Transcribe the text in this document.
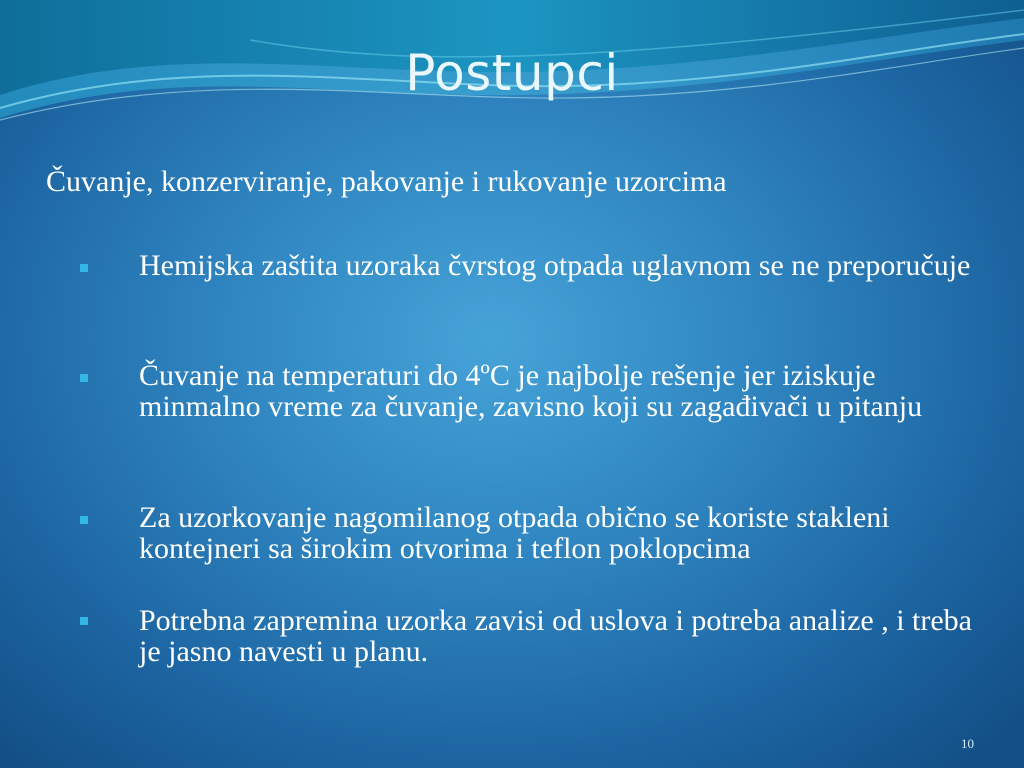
Postupci

Čuvanje, konzerviranje, pakovanje i rukovanje uzorcima

Hemijska zaštita uzoraka čvrstog otpada uglavnom se ne preporučuje

Čuvanje na temperaturi do 4ºC je najbolje rešenje jer iziskuje minmalno vreme za čuvanje, zavisno koji su zagađivači u pitanju

Za uzorkovanje nagomilanog otpada obično se koriste stakleni kontejneri sa širokim otvorima i teflon poklopcima

Potrebna zapremina uzorka zavisi od uslova i potreba analize , i treba je jasno navesti u planu.

10
